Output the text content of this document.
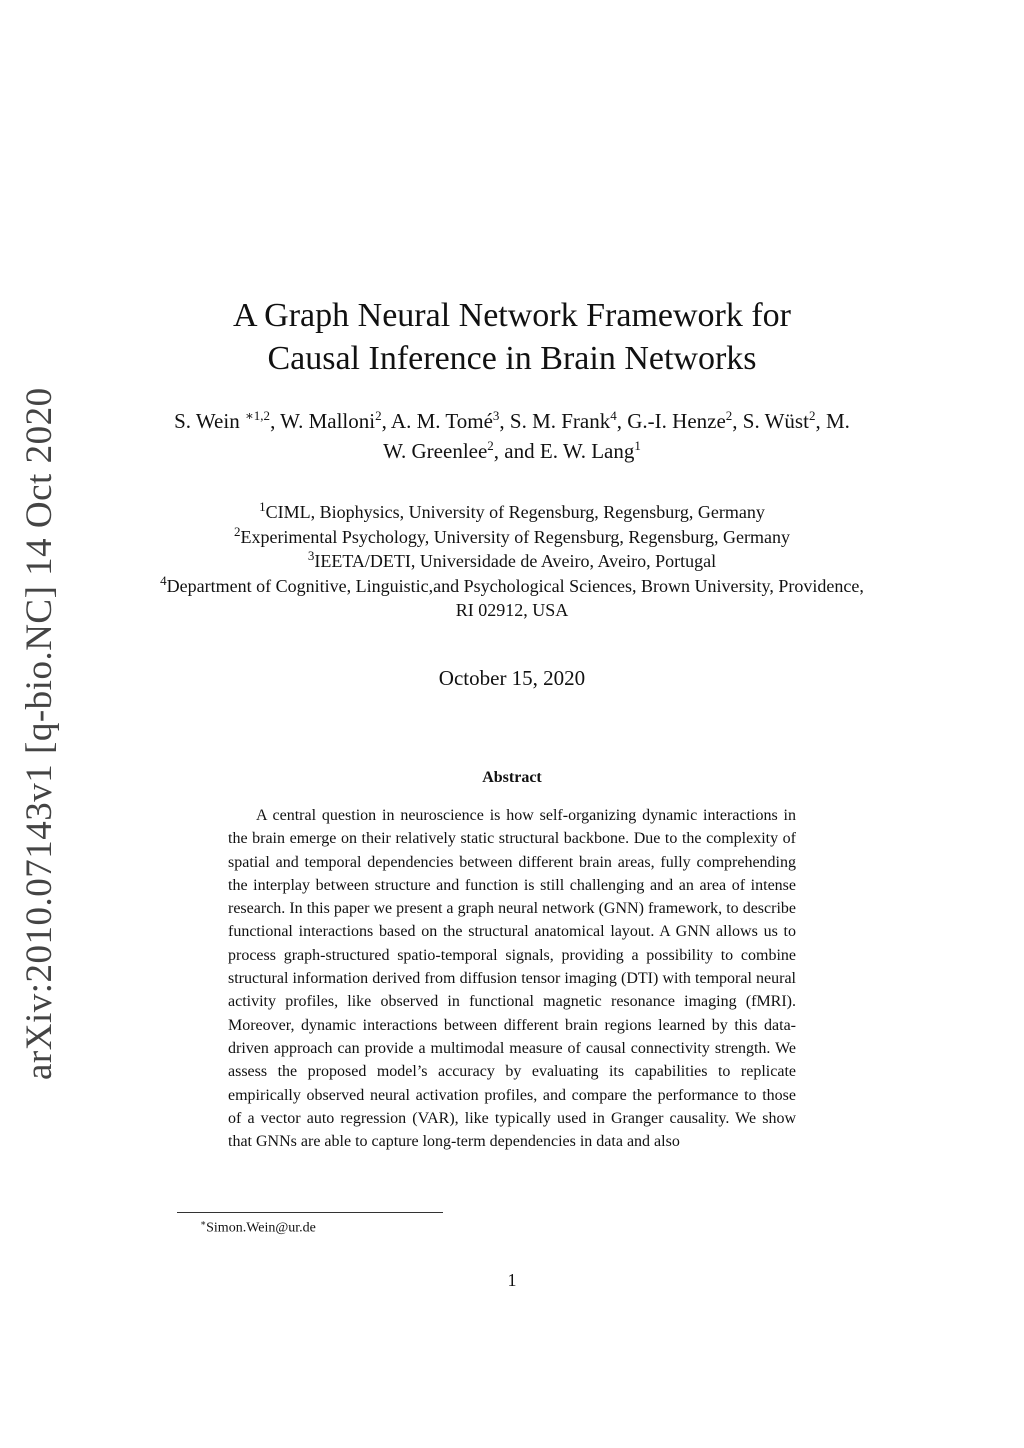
arXiv:2010.07143v1 [q-bio.NC] 14 Oct 2020
A Graph Neural Network Framework for
Causal Inference in Brain Networks
S. Wein $^{∗1,2}$, W. Malloni$^2$, A. M. Tomé$^3$, S. M. Frank$^4$, G.-I. Henze$^2$, S. Wüst$^2$, M. W. Greenlee$^2$, and E. W. Lang$^1$
$^1$CIML, Biophysics, University of Regensburg, Regensburg, Germany
$^2$Experimental Psychology, University of Regensburg, Regensburg, Germany
$^3$IEETA/DETI, Universidade de Aveiro, Aveiro, Portugal
$^4$Department of Cognitive, Linguistic,and Psychological Sciences, Brown University, Providence, RI 02912, USA
October 15, 2020
Abstract

A central question in neuroscience is how self-organizing dynamic interactions in the brain emerge on their relatively static structural backbone. Due to the complexity of spatial and temporal dependencies between different brain areas, fully comprehending the interplay between structure and function is still challenging and an area of intense research. In this paper we present a graph neural network (GNN) framework, to describe functional interactions based on the structural anatomical layout. A GNN allows us to process graph-structured spatio-temporal signals, providing a possibility to combine structural information derived from diffusion tensor imaging (DTI) with temporal neural activity profiles, like observed in functional magnetic resonance imaging (fMRI). Moreover, dynamic interactions between different brain regions learned by this data-driven approach can provide a multimodal measure of causal connectivity strength. We assess the proposed model’s accuracy by evaluating its capabilities to replicate empirically observed neural activation profiles, and compare the performance to those of a vector auto regression (VAR), like typically used in Granger causality. We show that GNNs are able to capture long-term dependencies in data and also

∗Simon.Wein@ur.de
1
